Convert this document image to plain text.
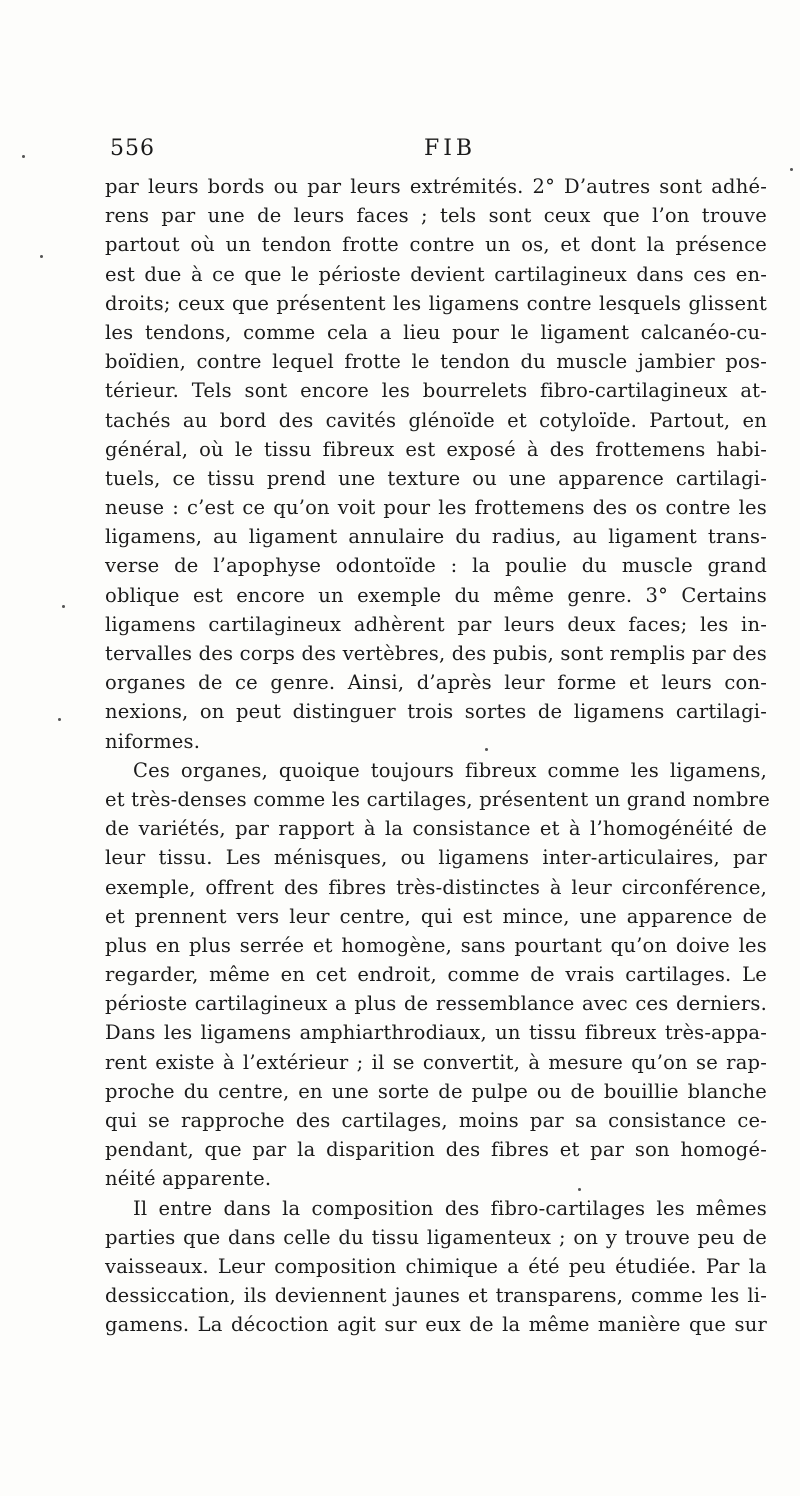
556	FIB
par leurs bords ou par leurs extrémités. 2° D’autres sont adhé-
rens par une de leurs faces ; tels sont ceux que l’on trouve
partout où un tendon frotte contre un os, et dont la présence
est due à ce que le périoste devient cartilagineux dans ces en-
droits; ceux que présentent les ligamens contre lesquels glissent
les tendons, comme cela a lieu pour le ligament calcanéo-cu-
boïdien, contre lequel frotte le tendon du muscle jambier pos-
térieur. Tels sont encore les bourrelets fibro-cartilagineux at-
tachés au bord des cavités glénoïde et cotyloïde. Partout, en
général, où le tissu fibreux est exposé à des frottemens habi-
tuels, ce tissu prend une texture ou une apparence cartilagi-
neuse : c’est ce qu’on voit pour les frottemens des os contre les
ligamens, au ligament annulaire du radius, au ligament trans-
verse de l’apophyse odontoïde : la poulie du muscle grand
oblique est encore un exemple du même genre. 3° Certains
ligamens cartilagineux adhèrent par leurs deux faces; les in-
tervalles des corps des vertèbres, des pubis, sont remplis par des
organes de ce genre. Ainsi, d’après leur forme et leurs con-
nexions, on peut distinguer trois sortes de ligamens cartilagi-
niformes.
Ces organes, quoique toujours fibreux comme les ligamens,
et très-denses comme les cartilages, présentent un grand nombre
de variétés, par rapport à la consistance et à l’homogénéité de
leur tissu. Les ménisques, ou ligamens inter-articulaires, par
exemple, offrent des fibres très-distinctes à leur circonférence,
et prennent vers leur centre, qui est mince, une apparence de
plus en plus serrée et homogène, sans pourtant qu’on doive les
regarder, même en cet endroit, comme de vrais cartilages. Le
périoste cartilagineux a plus de ressemblance avec ces derniers.
Dans les ligamens amphiarthrodiaux, un tissu fibreux très-appa-
rent existe à l’extérieur ; il se convertit, à mesure qu’on se rap-
proche du centre, en une sorte de pulpe ou de bouillie blanche
qui se rapproche des cartilages, moins par sa consistance ce-
pendant, que par la disparition des fibres et par son homogé-
néité apparente.
Il entre dans la composition des fibro-cartilages les mêmes
parties que dans celle du tissu ligamenteux ; on y trouve peu de
vaisseaux. Leur composition chimique a été peu étudiée. Par la
dessiccation, ils deviennent jaunes et transparens, comme les li-
gamens. La décoction agit sur eux de la même manière que sur
